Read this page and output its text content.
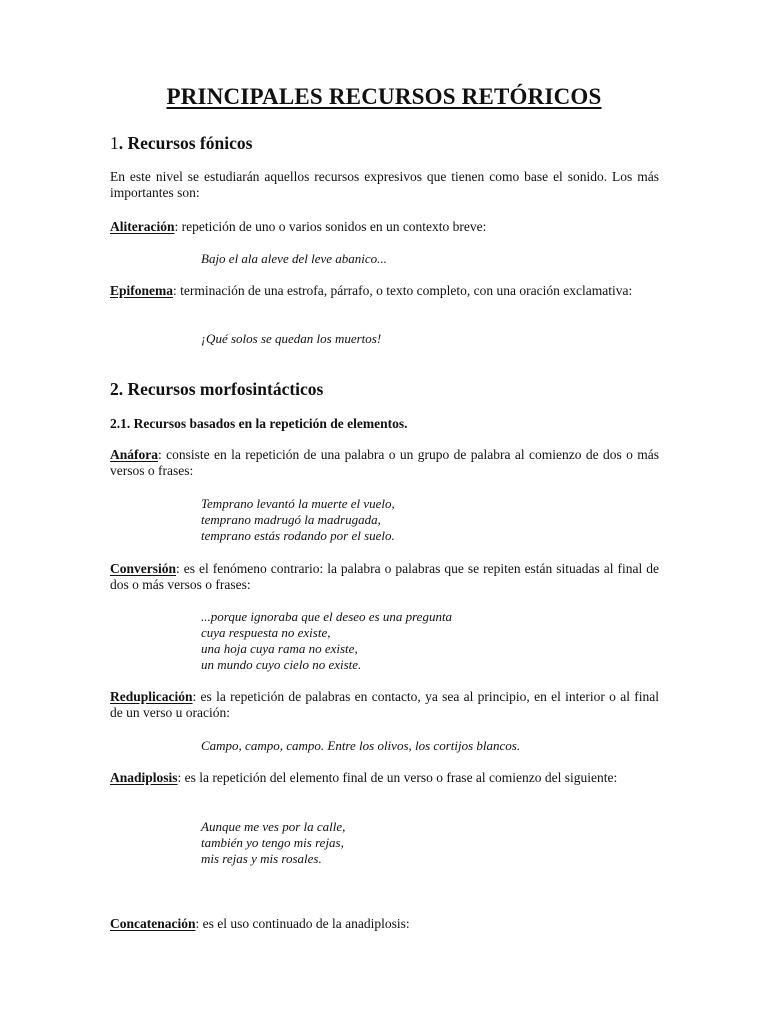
PRINCIPALES RECURSOS RETÓRICOS
1. Recursos fónicos

En este nivel se estudiarán aquellos recursos expresivos que tienen como base el sonido. Los más importantes son:

Aliteración: repetición de uno o varios sonidos en un contexto breve:

Bajo el ala aleve del leve abanico...

Epifonema: terminación de una estrofa, párrafo, o texto completo, con una oración exclamativa:

¡Qué solos se quedan los muertos!
2. Recursos morfosintácticos
2.1. Recursos basados en la repetición de elementos.

Anáfora: consiste en la repetición de una palabra o un grupo de palabra al comienzo de dos o más versos o frases:

Temprano levantó la muerte el vuelo,
temprano madrugó la madrugada,
temprano estás rodando por el suelo.

Conversión: es el fenómeno contrario: la palabra o palabras que se repiten están situadas al final de dos o más versos o frases:

...porque ignoraba que el deseo es una pregunta
cuya respuesta no existe,
una hoja cuya rama no existe,
un mundo cuyo cielo no existe.

Reduplicación: es la repetición de palabras en contacto, ya sea al principio, en el interior o al final de un verso u oración:

Campo, campo, campo. Entre los olivos, los cortijos blancos.

Anadiplosis: es la repetición del elemento final de un verso o frase al comienzo del siguiente:

Aunque me ves por la calle,
también yo tengo mis rejas,
mis rejas y mis rosales.

Concatenación: es el uso continuado de la anadiplosis:
